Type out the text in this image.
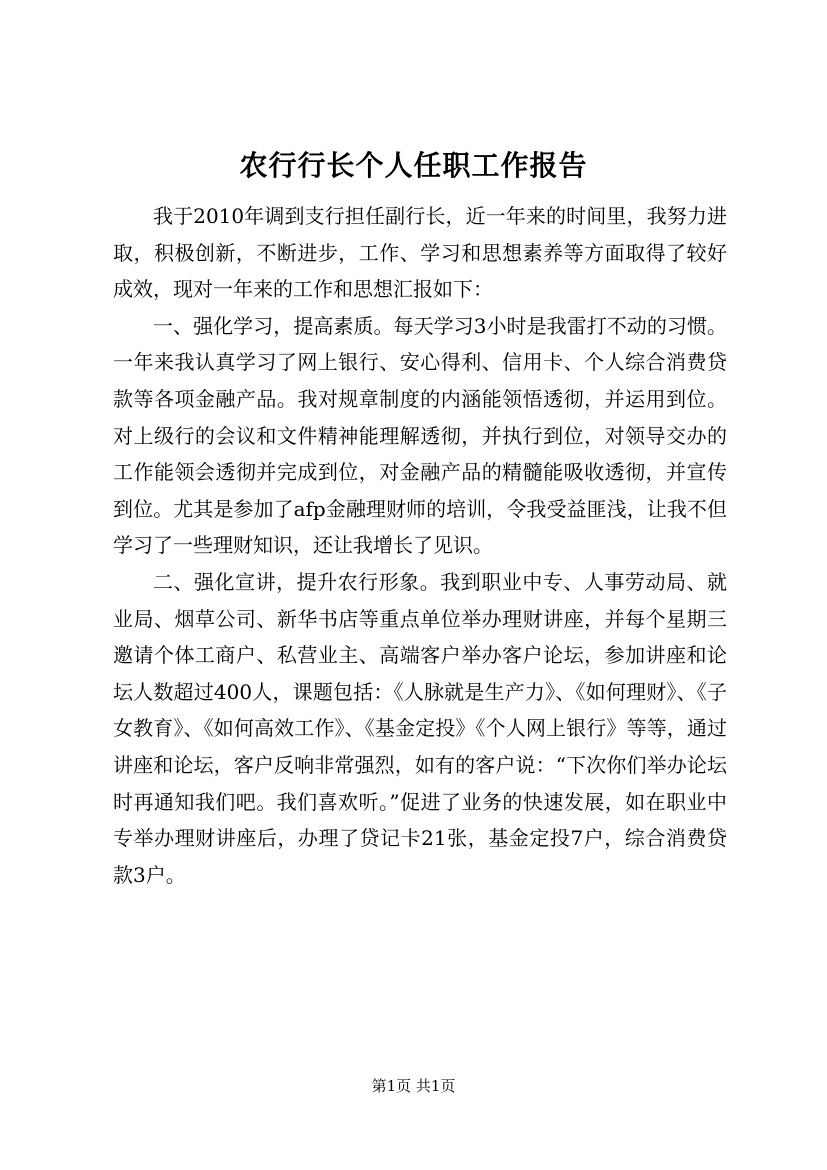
农行行长个人任职工作报告

我于2010年调到支行担任副行长，近一年来的时间里，我努力进取，积极创新，不断进步，工作、学习和思想素养等方面取得了较好成效，现对一年来的工作和思想汇报如下：

一、强化学习，提高素质。每天学习3小时是我雷打不动的习惯。一年来我认真学习了网上银行、安心得利、信用卡、个人综合消费贷款等各项金融产品。我对规章制度的内涵能领悟透彻，并运用到位。对上级行的会议和文件精神能理解透彻，并执行到位，对领导交办的工作能领会透彻并完成到位，对金融产品的精髓能吸收透彻，并宣传到位。尤其是参加了afp金融理财师的培训，令我受益匪浅，让我不但学习了一些理财知识，还让我增长了见识。

二、强化宣讲，提升农行形象。我到职业中专、人事劳动局、就业局、烟草公司、新华书店等重点单位举办理财讲座，并每个星期三邀请个体工商户、私营业主、高端客户举办客户论坛，参加讲座和论坛人数超过400人，课题包括：《人脉就是生产力》、《如何理财》、《子女教育》、《如何高效工作》、《基金定投》《个人网上银行》等等，通过讲座和论坛，客户反响非常强烈，如有的客户说：“下次你们举办论坛时再通知我们吧。我们喜欢听。”促进了业务的快速发展，如在职业中专举办理财讲座后，办理了贷记卡21张，基金定投7户，综合消费贷款3户。

第1页 共1页
